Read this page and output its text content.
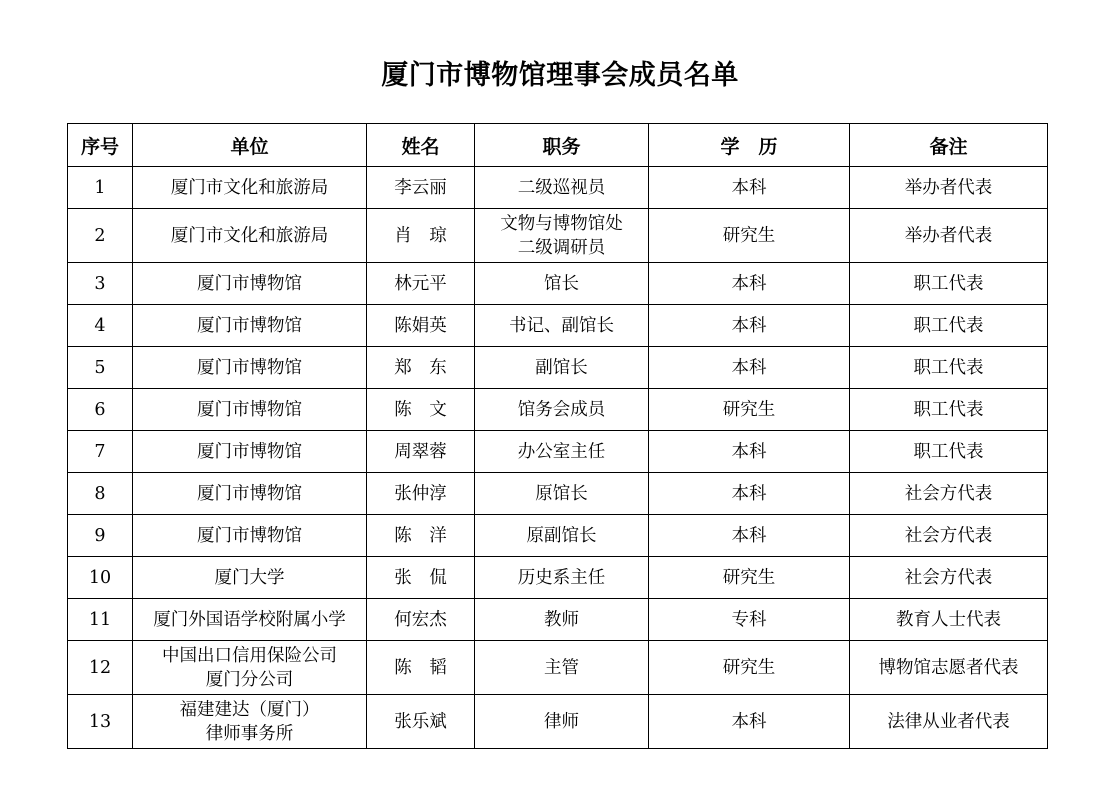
厦门市博物馆理事会成员名单
序号	单位	姓名	职务	学　历	备注
1	厦门市文化和旅游局	李云丽	二级巡视员	本科	举办者代表
2	厦门市文化和旅游局	肖　琼	文物与博物馆处
二级调研员	研究生	举办者代表
3	厦门市博物馆	林元平	馆长	本科	职工代表
4	厦门市博物馆	陈娟英	书记、副馆长	本科	职工代表
5	厦门市博物馆	郑　东	副馆长	本科	职工代表
6	厦门市博物馆	陈　文	馆务会成员	研究生	职工代表
7	厦门市博物馆	周翠蓉	办公室主任	本科	职工代表
8	厦门市博物馆	张仲淳	原馆长	本科	社会方代表
9	厦门市博物馆	陈　洋	原副馆长	本科	社会方代表
10	厦门大学	张　侃	历史系主任	研究生	社会方代表
11	厦门外国语学校附属小学	何宏杰	教师	专科	教育人士代表
12	中国出口信用保险公司
厦门分公司	陈　韬	主管	研究生	博物馆志愿者代表
13	福建建达（厦门）
律师事务所	张乐斌	律师	本科	法律从业者代表
